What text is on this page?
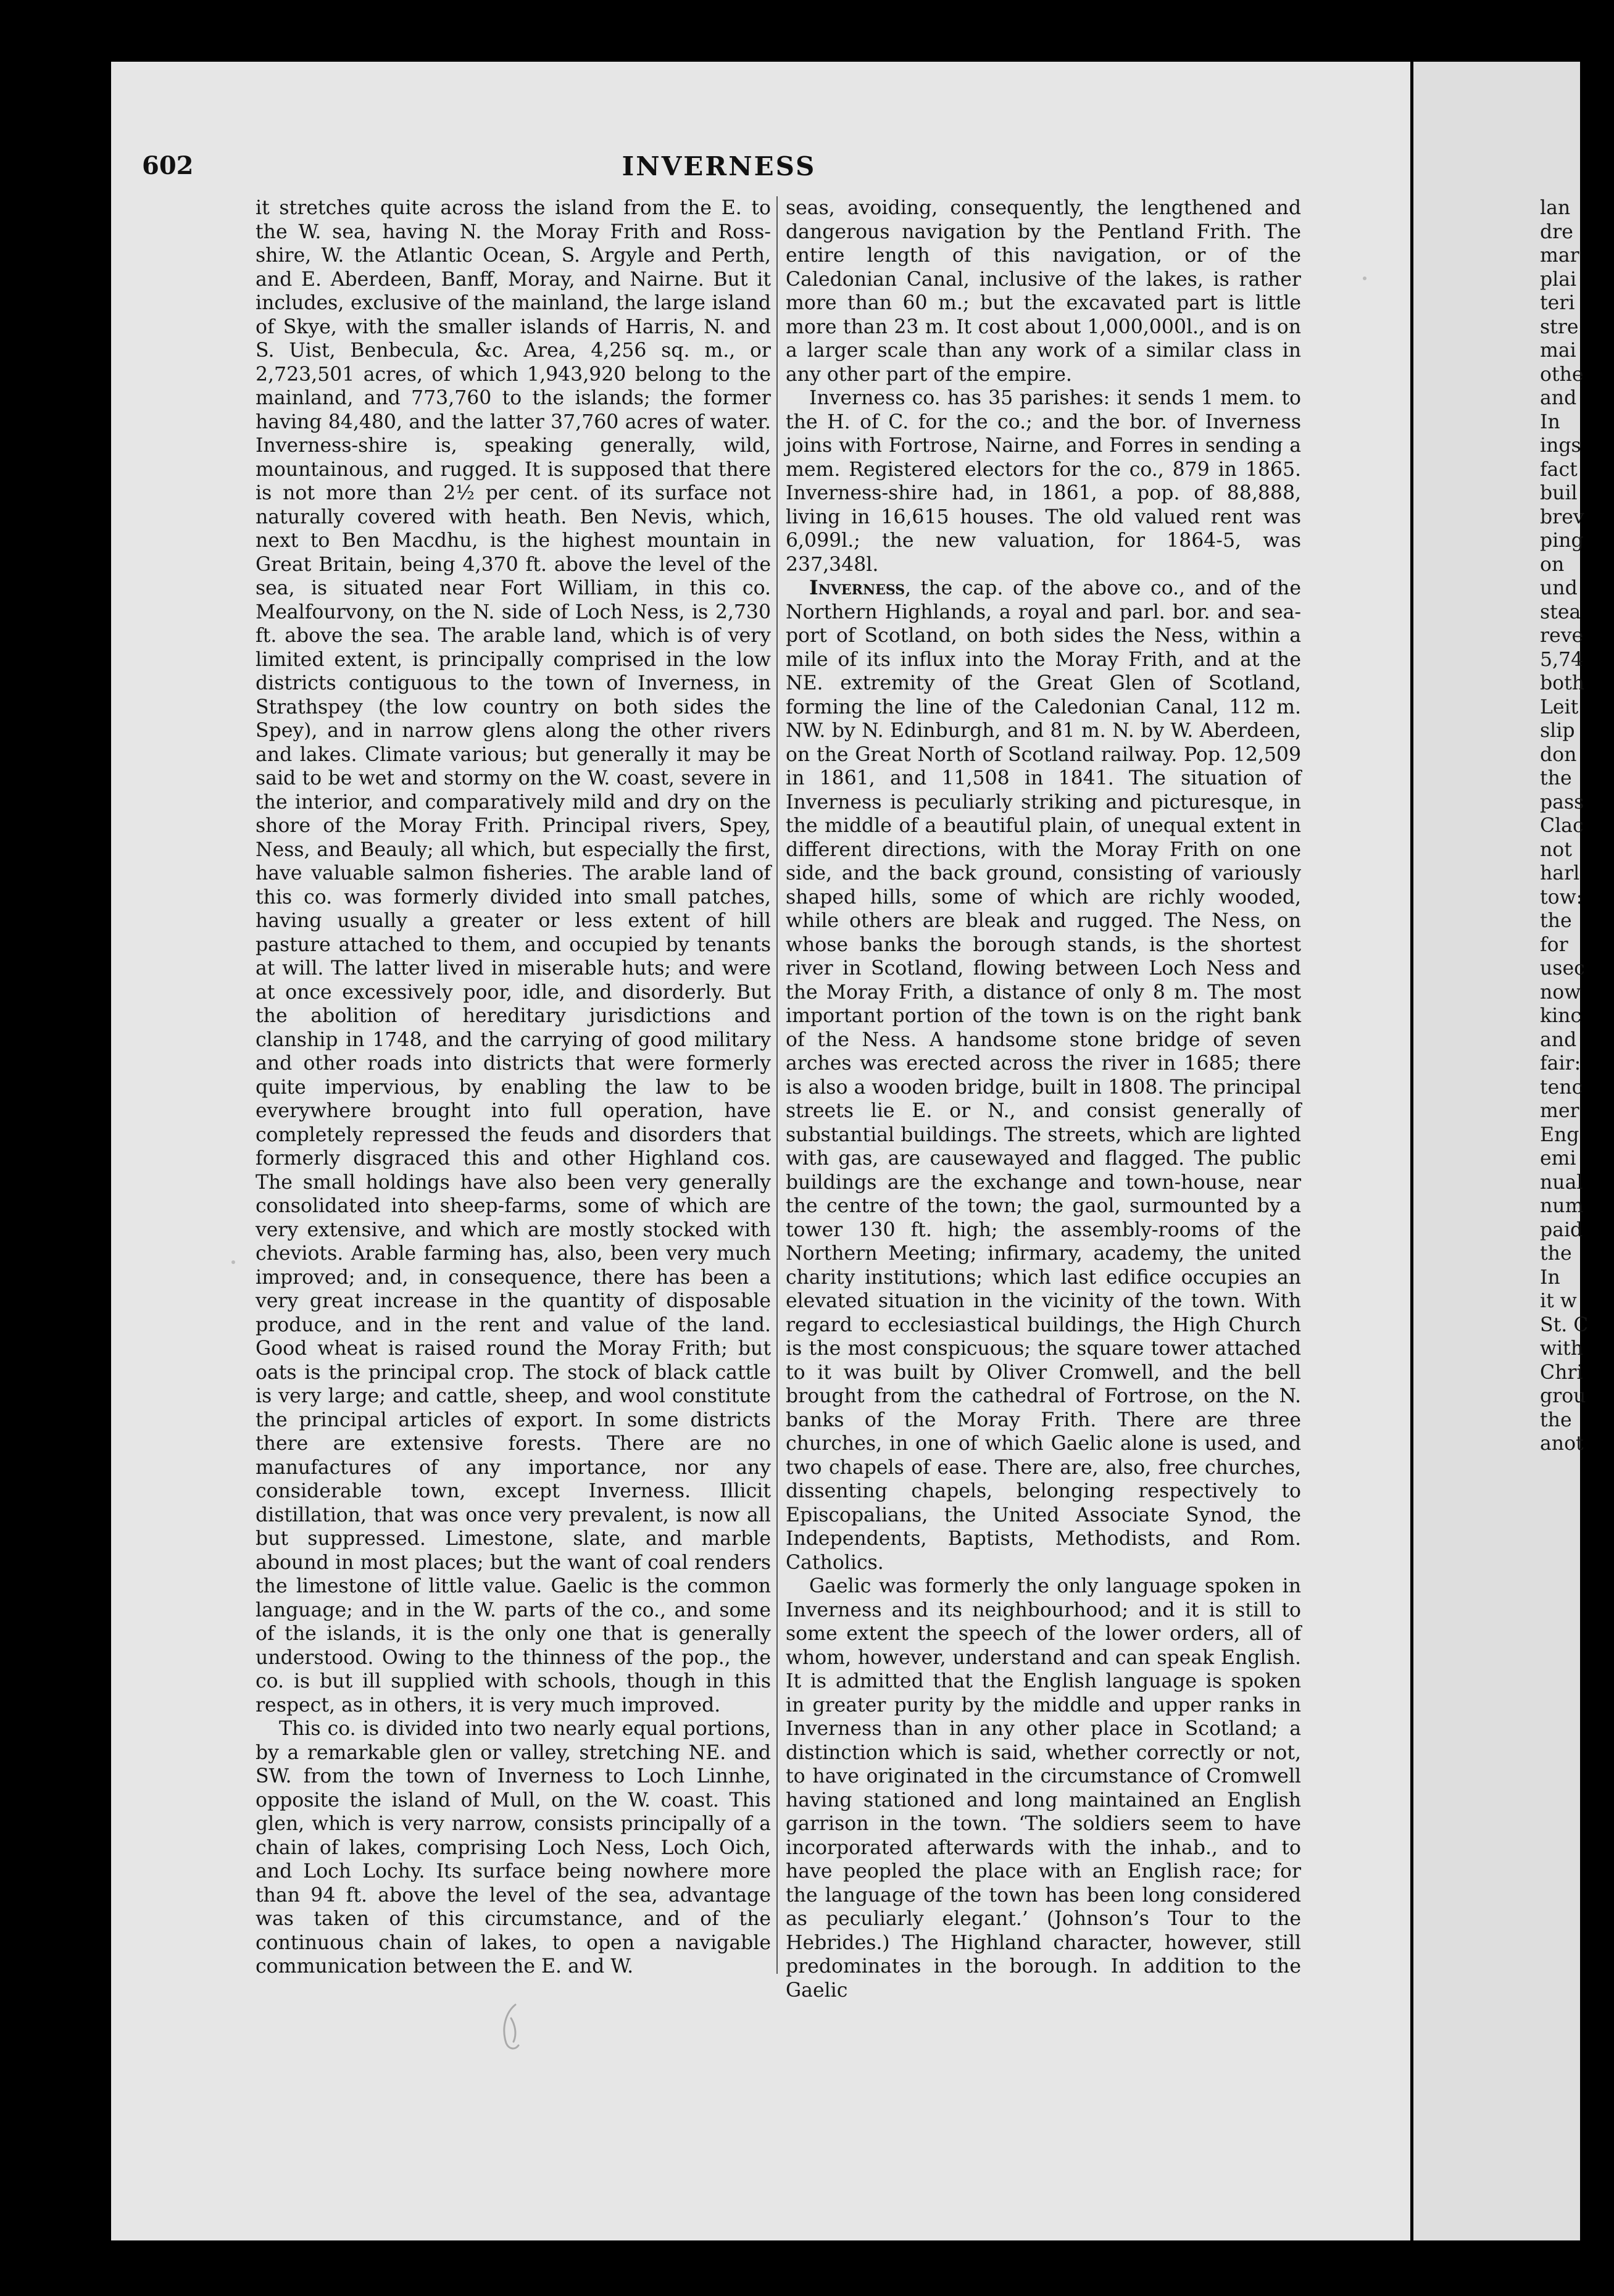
602	INVERNESS

it stretches quite across the island from the E. to the W. sea, having N. the Moray Frith and Ross-shire, W. the Atlantic Ocean, S. Argyle and Perth, and E. Aberdeen, Banff, Moray, and Nairne. But it includes, exclusive of the mainland, the large island of Skye, with the smaller islands of Harris, N. and S. Uist, Benbecula, &c. Area, 4,256 sq. m., or 2,723,501 acres, of which 1,943,920 belong to the mainland, and 773,760 to the islands; the former having 84,480, and the latter 37,760 acres of water. Inverness-shire is, speaking generally, wild, mountainous, and rugged. It is supposed that there is not more than 2½ per cent. of its surface not naturally covered with heath. Ben Nevis, which, next to Ben Macdhu, is the highest mountain in Great Britain, being 4,370 ft. above the level of the sea, is situated near Fort William, in this co. Mealfourvony, on the N. side of Loch Ness, is 2,730 ft. above the sea. The arable land, which is of very limited extent, is principally comprised in the low districts contiguous to the town of Inverness, in Strathspey (the low country on both sides the Spey), and in narrow glens along the other rivers and lakes. Climate various; but generally it may be said to be wet and stormy on the W. coast, severe in the interior, and comparatively mild and dry on the shore of the Moray Frith. Principal rivers, Spey, Ness, and Beauly; all which, but especially the first, have valuable salmon fisheries. The arable land of this co. was formerly divided into small patches, having usually a greater or less extent of hill pasture attached to them, and occupied by tenants at will. The latter lived in miserable huts; and were at once excessively poor, idle, and disorderly. But the abolition of hereditary jurisdictions and clanship in 1748, and the carrying of good military and other roads into districts that were formerly quite impervious, by enabling the law to be everywhere brought into full operation, have completely repressed the feuds and disorders that formerly disgraced this and other Highland cos. The small holdings have also been very generally consolidated into sheep-farms, some of which are very extensive, and which are mostly stocked with cheviots. Arable farming has, also, been very much improved; and, in consequence, there has been a very great increase in the quantity of disposable produce, and in the rent and value of the land. Good wheat is raised round the Moray Frith; but oats is the principal crop. The stock of black cattle is very large; and cattle, sheep, and wool constitute the principal articles of export. In some districts there are extensive forests. There are no manufactures of any importance, nor any considerable town, except Inverness. Illicit distillation, that was once very prevalent, is now all but suppressed. Limestone, slate, and marble abound in most places; but the want of coal renders the limestone of little value. Gaelic is the common language; and in the W. parts of the co., and some of the islands, it is the only one that is generally understood. Owing to the thinness of the pop., the co. is but ill supplied with schools, though in this respect, as in others, it is very much improved.

This co. is divided into two nearly equal portions, by a remarkable glen or valley, stretching NE. and SW. from the town of Inverness to Loch Linnhe, opposite the island of Mull, on the W. coast. This glen, which is very narrow, consists principally of a chain of lakes, comprising Loch Ness, Loch Oich, and Loch Lochy. Its surface being nowhere more than 94 ft. above the level of the sea, advantage was taken of this circumstance, and of the continuous chain of lakes, to open a navigable communication between the E. and W.

seas, avoiding, consequently, the lengthened and dangerous navigation by the Pentland Frith. The entire length of this navigation, or of the Caledonian Canal, inclusive of the lakes, is rather more than 60 m.; but the excavated part is little more than 23 m. It cost about 1,000,000l., and is on a larger scale than any work of a similar class in any other part of the empire.

Inverness co. has 35 parishes: it sends 1 mem. to the H. of C. for the co.; and the bor. of Inverness joins with Fortrose, Nairne, and Forres in sending a mem. Registered electors for the co., 879 in 1865. Inverness-shire had, in 1861, a pop. of 88,888, living in 16,615 houses. The old valued rent was 6,099l.; the new valuation, for 1864-5, was 237,348l.

Inverness, the cap. of the above co., and of the Northern Highlands, a royal and parl. bor. and sea-port of Scotland, on both sides the Ness, within a mile of its influx into the Moray Frith, and at the NE. extremity of the Great Glen of Scotland, forming the line of the Caledonian Canal, 112 m. NW. by N. Edinburgh, and 81 m. N. by W. Aberdeen, on the Great North of Scotland railway. Pop. 12,509 in 1861, and 11,508 in 1841. The situation of Inverness is peculiarly striking and picturesque, in the middle of a beautiful plain, of unequal extent in different directions, with the Moray Frith on one side, and the back ground, consisting of variously shaped hills, some of which are richly wooded, while others are bleak and rugged. The Ness, on whose banks the borough stands, is the shortest river in Scotland, flowing between Loch Ness and the Moray Frith, a distance of only 8 m. The most important portion of the town is on the right bank of the Ness. A handsome stone bridge of seven arches was erected across the river in 1685; there is also a wooden bridge, built in 1808. The principal streets lie E. or N., and consist generally of substantial buildings. The streets, which are lighted with gas, are causewayed and flagged. The public buildings are the exchange and town-house, near the centre of the town; the gaol, surmounted by a tower 130 ft. high; the assembly-rooms of the Northern Meeting; infirmary, academy, the united charity institutions; which last edifice occupies an elevated situation in the vicinity of the town. With regard to ecclesiastical buildings, the High Church is the most conspicuous; the square tower attached to it was built by Oliver Cromwell, and the bell brought from the cathedral of Fortrose, on the N. banks of the Moray Frith. There are three churches, in one of which Gaelic alone is used, and two chapels of ease. There are, also, free churches, dissenting chapels, belonging respectively to Episcopalians, the United Associate Synod, the Independents, Baptists, Methodists, and Rom. Catholics.

Gaelic was formerly the only language spoken in Inverness and its neighbourhood; and it is still to some extent the speech of the lower orders, all of whom, however, understand and can speak English. It is admitted that the English language is spoken in greater purity by the middle and upper ranks in Inverness than in any other place in Scotland; a distinction which is said, whether correctly or not, to have originated in the circumstance of Cromwell having stationed and long maintained an English garrison in the town. ‘The soldiers seem to have incorporated afterwards with the inhab., and to have peopled the place with an English race; for the language of the town has been long considered as peculiarly elegant.’ (Johnson’s Tour to the Hebrides.) The Highland character, however, still predominates in the borough. In addition to the Gaelic

lan
dre
mar
plai
teri
stre
mai
othe
and
In
ings
fact
buil
brev
ping
on
und
stea
reve
5,74
both
Leit
slip
don
the
pass
Clac
not
harl
tow:
the
for
usec
now
kinc
and
fair:
tenc
mer
Eng
emi
nual
num
paid
the
In
it w
St. C
with
Chri
grou
the
anot
